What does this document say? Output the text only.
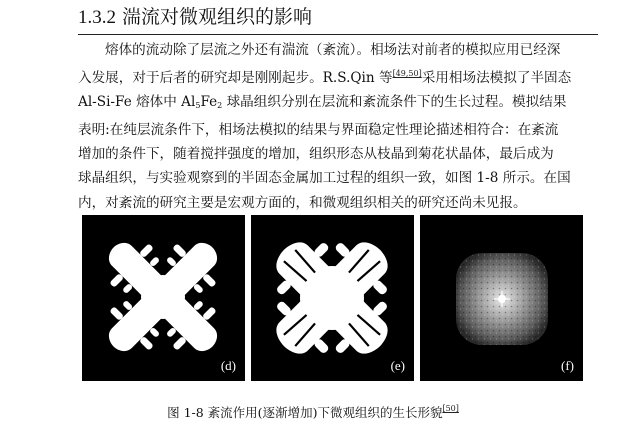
1.3.2 湍流对微观组织的影响
熔体的流动除了层流之外还有湍流（紊流）。相场法对前者的模拟应用已经深
入发展，对于后者的研究却是刚刚起步。R.S.Qin 等[49,50]采用相场法模拟了半固态
Al-Si-Fe 熔体中 $Al_5Fe_2$ 球晶组织分别在层流和紊流条件下的生长过程。模拟结果
表明:在纯层流条件下，相场法模拟的结果与界面稳定性理论描述相符合：在紊流
增加的条件下，随着搅拌强度的增加，组织形态从枝晶到菊花状晶体，最后成为
球晶组织，与实验观察到的半固态金属加工过程的组织一致，如图 1-8 所示。在国
内，对紊流的研究主要是宏观方面的，和微观组织相关的研究还尚未见报。
(d)	(e)	(f)
图 1-8 紊流作用(逐渐增加)下微观组织的生长形貌[50]
